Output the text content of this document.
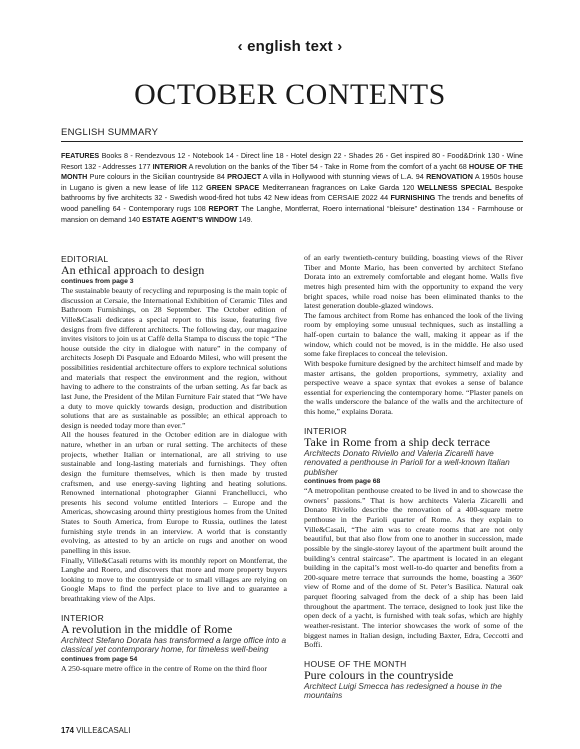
‹ english text ›
OCTOBER CONTENTS
ENGLISH SUMMARY
FEATURES Books 8 - Rendezvous 12 - Notebook 14 - Direct line 18 - Hotel design 22 - Shades 26 - Get inspired 80 - Food&Drink 130 - Wine Resort 132 - Addresses 177 INTERIOR A revolution on the banks of the Tiber 54 - Take in Rome from the comfort of a yacht 68 HOUSE OF THE MONTH Pure colours in the Sicilian countryside 84 PROJECT A villa in Hollywood with stunning views of L.A. 94 RENOVATION A 1950s house in Lugano is given a new lease of life 112 GREEN SPACE Mediterranean fragrances on Lake Garda 120 WELLNESS SPECIAL Bespoke bathrooms by five architects 32 - Swedish wood-fired hot tubs 42 New ideas from CERSAIE 2022 44 FURNISHING The trends and benefits of wood panelling 64 - Contemporary rugs 108 REPORT The Langhe, Montferrat, Roero international “bleisure” destination 134 - Farmhouse or mansion on demand 140 ESTATE AGENT’S WINDOW 149.

EDITORIAL

An ethical approach to design

continues from page 3

The sustainable beauty of recycling and repurposing is the main topic of discussion at Cersaie, the International Exhibition of Ceramic Tiles and Bathroom Furnishings, on 28 September. The October edition of Ville&Casali dedicates a special report to this issue, featuring five designs from five different architects. The following day, our magazine invites visitors to join us at Caffè della Stampa to discuss the topic “The house outside the city in dialogue with nature” in the company of architects Joseph Di Pasquale and Edoardo Milesi, who will present the possibilities residential architecture offers to explore technical solutions and materials that respect the environment and the region, without having to adhere to the constraints of the urban setting. As far back as last June, the President of the Milan Furniture Fair stated that “We have a duty to move quickly towards design, production and distribution solutions that are as sustainable as possible; an ethical approach to design is needed today more than ever.”

All the houses featured in the October edition are in dialogue with nature, whether in an urban or rural setting. The architects of these projects, whether Italian or international, are all striving to use sustainable and long-lasting materials and furnishings. They often design the furniture themselves, which is then made by trusted craftsmen, and use energy-saving lighting and heating solutions. Renowned international photographer Gianni Franchellucci, who presents his second volume entitled Interiors – Europe and the Americas, showcasing around thirty prestigious homes from the United States to South America, from Europe to Russia, outlines the latest furnishing style trends in an interview. A world that is constantly evolving, as attested to by an article on rugs and another on wood panelling in this issue.

Finally, Ville&Casali returns with its monthly report on Montferrat, the Langhe and Roero, and discovers that more and more property buyers looking to move to the countryside or to small villages are relying on Google Maps to find the perfect place to live and to guarantee a breathtaking view of the Alps.

INTERIOR

A revolution in the middle of Rome

Architect Stefano Dorata has transformed a large office into a classical yet contemporary home, for timeless well-being

continues from page 54

A 250-square metre office in the centre of Rome on the third floor

of an early twentieth-century building, boasting views of the River Tiber and Monte Mario, has been converted by architect Stefano Dorata into an extremely comfortable and elegant home. Walls five metres high presented him with the opportunity to expand the very bright spaces, while road noise has been eliminated thanks to the latest generation double-glazed windows.

The famous architect from Rome has enhanced the look of the living room by employing some unusual techniques, such as installing a half-open curtain to balance the wall, making it appear as if the window, which could not be moved, is in the middle. He also used some fake fireplaces to conceal the television.

With bespoke furniture designed by the architect himself and made by master artisans, the golden proportions, symmetry, axiality and perspective weave a space syntax that evokes a sense of balance essential for experiencing the contemporary home. “Plaster panels on the walls underscore the balance of the walls and the architecture of this home,” explains Dorata.

INTERIOR

Take in Rome from a ship deck terrace

Architects Donato Riviello and Valeria Zicarelli have renovated a penthouse in Parioli for a well-known Italian publisher

continues from page 68

“A metropolitan penthouse created to be lived in and to showcase the owners’ passions.” That is how architects Valeria Zicarelli and Donato Riviello describe the renovation of a 400-square metre penthouse in the Parioli quarter of Rome. As they explain to Ville&Casali, “The aim was to create rooms that are not only beautiful, but that also flow from one to another in succession, made possible by the single-storey layout of the apartment built around the building’s central staircase”. The apartment is located in an elegant building in the capital’s most well-to-do quarter and benefits from a 200-square metre terrace that surrounds the home, boasting a 360° view of Rome and of the dome of St. Peter’s Basilica. Natural oak parquet flooring salvaged from the deck of a ship has been laid throughout the apartment. The terrace, designed to look just like the open deck of a yacht, is furnished with teak sofas, which are highly weather-resistant. The interior showcases the work of some of the biggest names in Italian design, including Baxter, Edra, Ceccotti and Boffi.

HOUSE OF THE MONTH

Pure colours in the countryside

Architect Luigi Smecca has redesigned a house in the mountains

174 VILLE&CASALI
